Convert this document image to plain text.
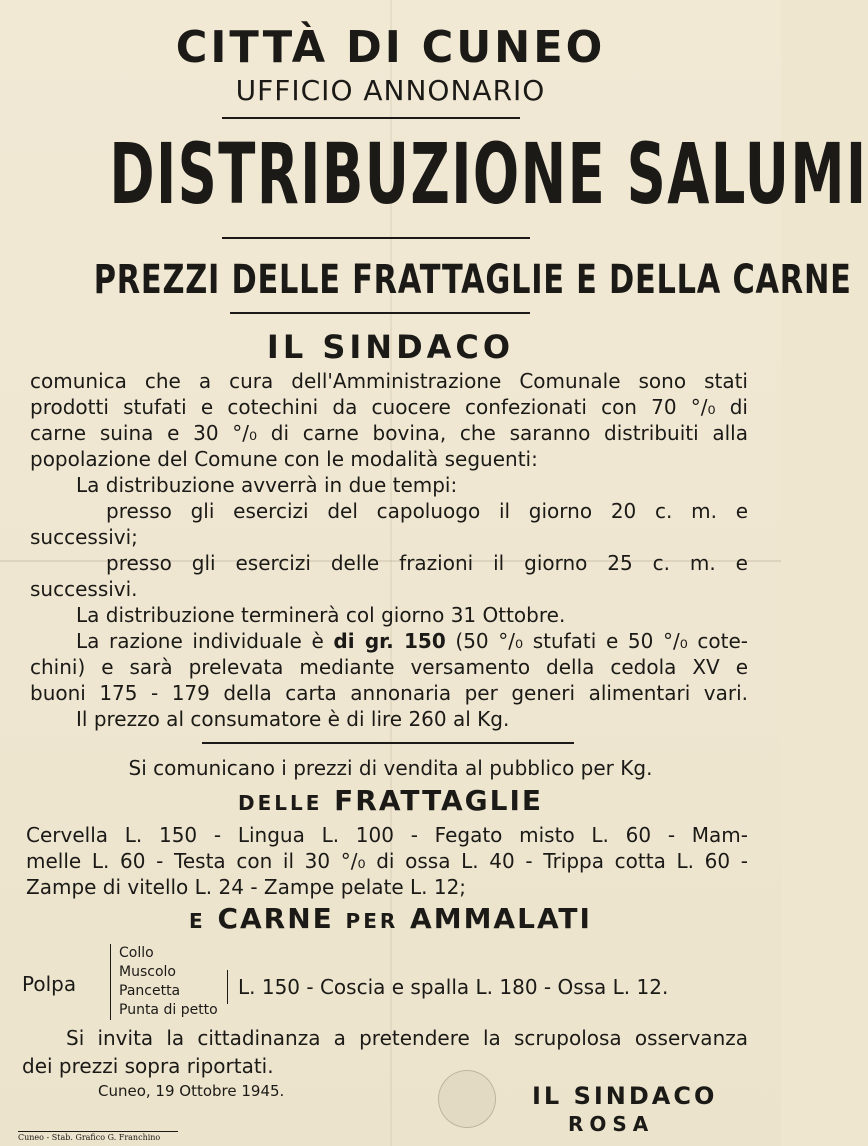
CITTÀ DI CUNEO
UFFICIO ANNONARIO
DISTRIBUZIONE SALUMI
PREZZI DELLE FRATTAGLIE E DELLA CARNE
IL SINDACO
comunica che a cura dell'Amministrazione Comunale sono stati
prodotti stufati e cotechini da cuocere confezionati con 70 °/₀ di
carne suina e 30 °/₀ di carne bovina, che saranno distribuiti alla
popolazione del Comune con le modalità seguenti:
La distribuzione avverrà in due tempi:
presso gli esercizi del capoluogo il giorno 20 c. m. e
successivi;
presso gli esercizi delle frazioni il giorno 25 c. m. e
successivi.
La distribuzione terminerà col giorno 31 Ottobre.
La razione individuale è di gr. 150 (50 °/₀ stufati e 50 °/₀ cote-
chini) e sarà prelevata mediante versamento della cedola XV e
buoni 175 - 179 della carta annonaria per generi alimentari vari.
Il prezzo al consumatore è di lire 260 al Kg.
Si comunicano i prezzi di vendita al pubblico per Kg.
DELLE FRATTAGLIE
Cervella L. 150 - Lingua L. 100 - Fegato misto L. 60 - Mam-
melle L. 60 - Testa con il 30 °/₀ di ossa L. 40 - Trippa cotta L. 60 -
Zampe di vitello L. 24 - Zampe pelate L. 12;
E CARNE PER AMMALATI
Polpa
Collo
Muscolo
Pancetta
Punta di petto
L. 150 - Coscia e spalla L. 180 - Ossa L. 12.
Si invita la cittadinanza a pretendere la scrupolosa osservanza
dei prezzi sopra riportati.
Cuneo, 19 Ottobre 1945.	IL SINDACO
ROSA
Cuneo - Stab. Grafico G. Franchino
